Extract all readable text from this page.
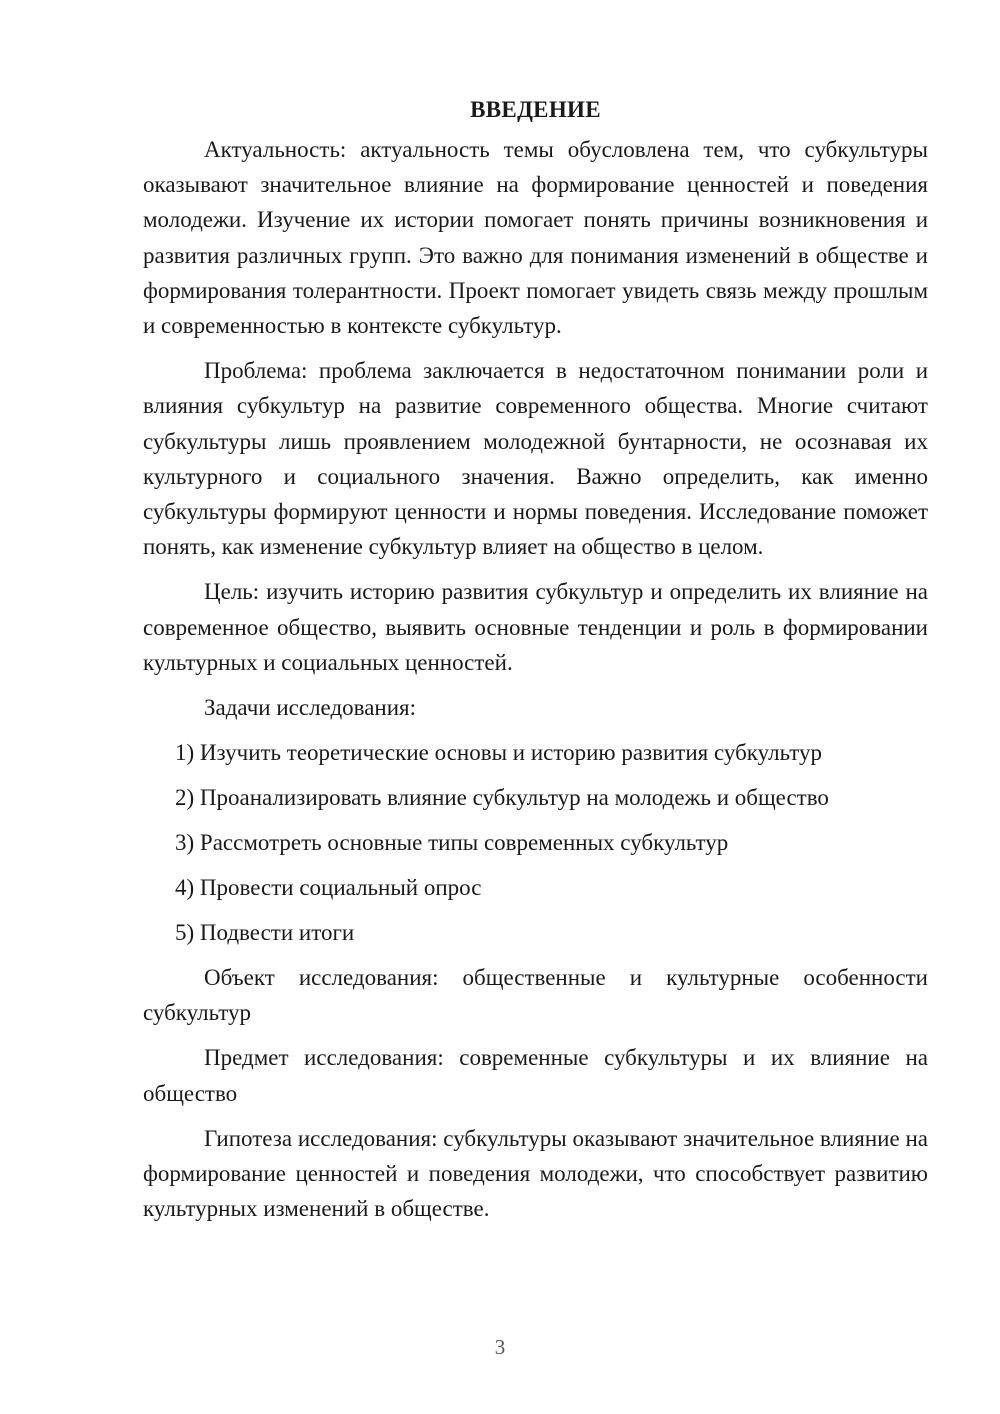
ВВЕДЕНИЕ

Актуальность: актуальность темы обусловлена тем, что субкультуры оказывают значительное влияние на формирование ценностей и поведения молодежи. Изучение их истории помогает понять причины возникновения и развития различных групп. Это важно для понимания изменений в обществе и формирования толерантности. Проект помогает увидеть связь между прошлым и современностью в контексте субкультур.

Проблема: проблема заключается в недостаточном понимании роли и влияния субкультур на развитие современного общества. Многие считают субкультуры лишь проявлением молодежной бунтарности, не осознавая их культурного и социального значения. Важно определить, как именно субкультуры формируют ценности и нормы поведения. Исследование поможет понять, как изменение субкультур влияет на общество в целом.

Цель: изучить историю развития субкультур и определить их влияние на современное общество, выявить основные тенденции и роль в формировании культурных и социальных ценностей.

Задачи исследования:

1) Изучить теоретические основы и историю развития субкультур
2) Проанализировать влияние субкультур на молодежь и общество
3) Рассмотреть основные типы современных субкультур
4) Провести социальный опрос
5) Подвести итоги

Объект исследования: общественные и культурные особенности субкультур

Предмет исследования: современные субкультуры и их влияние на общество

Гипотеза исследования: субкультуры оказывают значительное влияние на формирование ценностей и поведения молодежи, что способствует развитию культурных изменений в обществе.

3
